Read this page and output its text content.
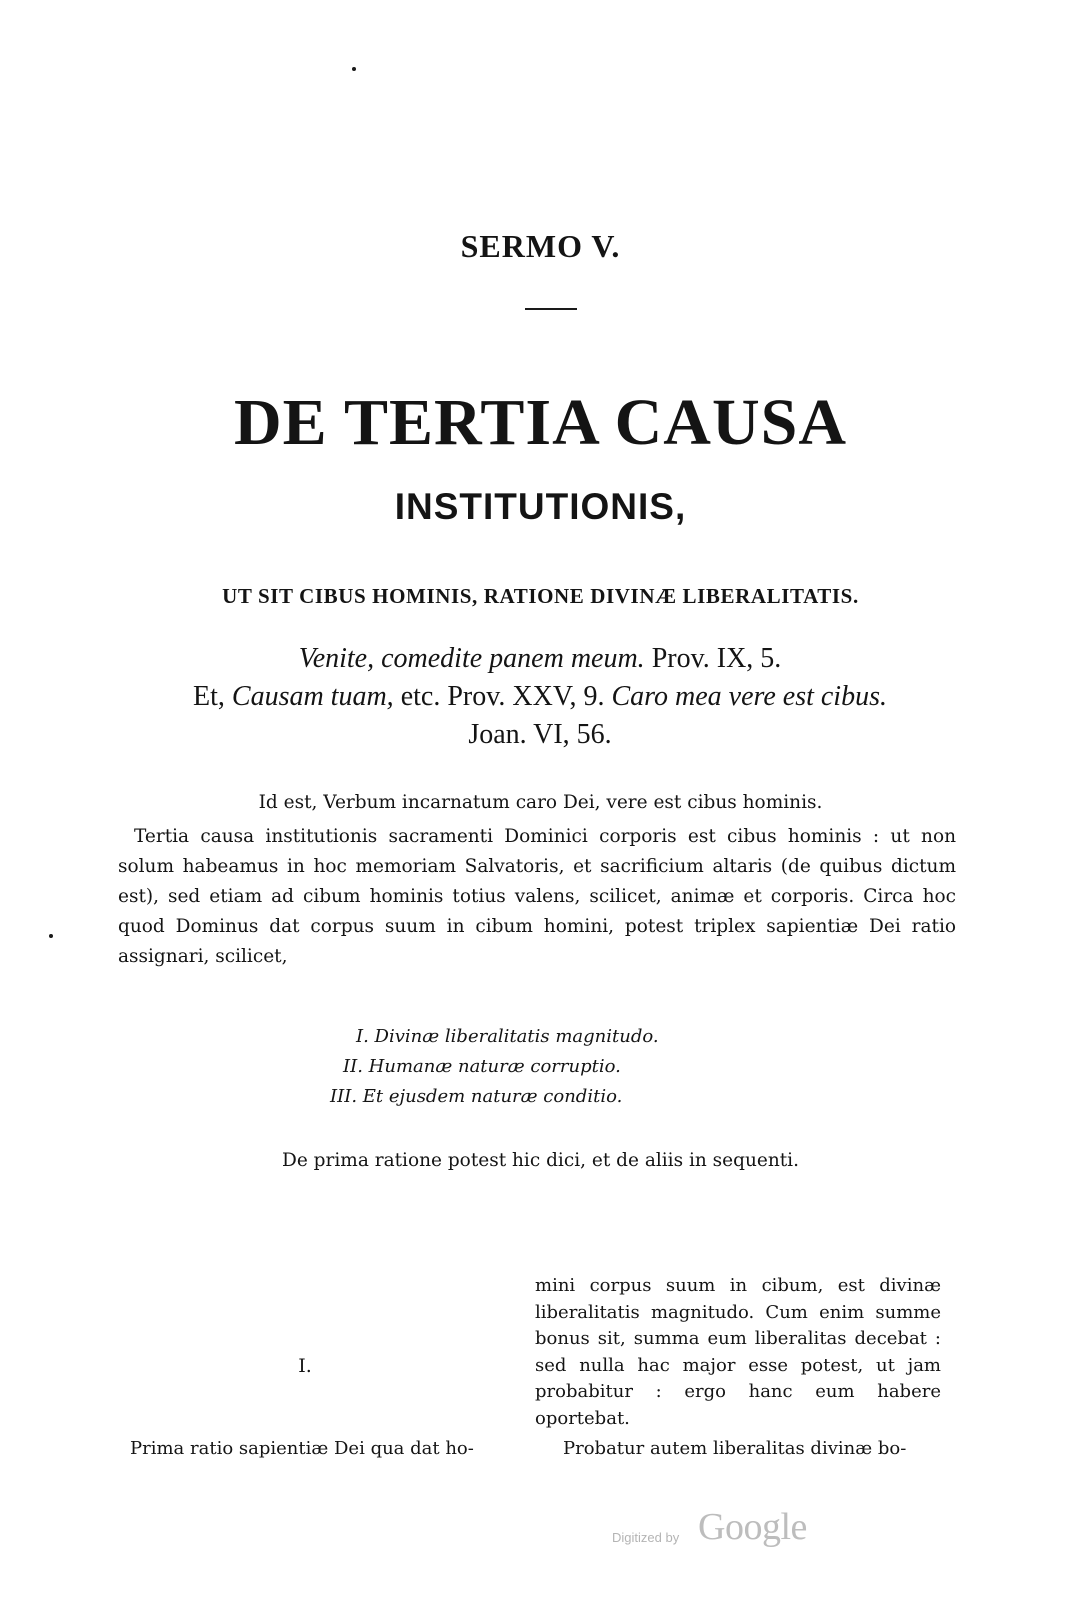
SERMO V.
DE TERTIA CAUSA
INSTITUTIONIS,
UT SIT CIBUS HOMINIS, RATIONE DIVINÆ LIBERALITATIS.

Venite, comedite panem meum. Prov. IX, 5.

Et, Causam tuam, etc. Prov. XXV, 9. Caro mea vere est cibus.

Joan. VI, 56.

Id est, Verbum incarnatum caro Dei, vere est cibus hominis.

Tertia causa institutionis sacramenti Dominici corporis est cibus hominis : ut non solum habeamus in hoc memoriam Salvatoris, et sacrificium altaris (de quibus dictum est), sed etiam ad cibum hominis totius valens, scilicet, animæ et corporis. Circa hoc quod Dominus dat corpus suum in cibum homini, potest triplex sapientiæ Dei ratio assignari, scilicet,

I. Divinæ liberalitatis magnitudo.
II. Humanæ naturæ corruptio.
III. Et ejusdem naturæ conditio.

De prima ratione potest hic dici, et de aliis in sequenti.

I.

Prima ratio sapientiæ Dei qua dat ho-

mini corpus suum in cibum, est divinæ liberalitatis magnitudo. Cum enim summe bonus sit, summa eum liberalitas decebat : sed nulla hac major esse potest, ut jam probabitur : ergo hanc eum habere oportebat.

Probatur autem liberalitas divinæ bo-

Digitized by Google
